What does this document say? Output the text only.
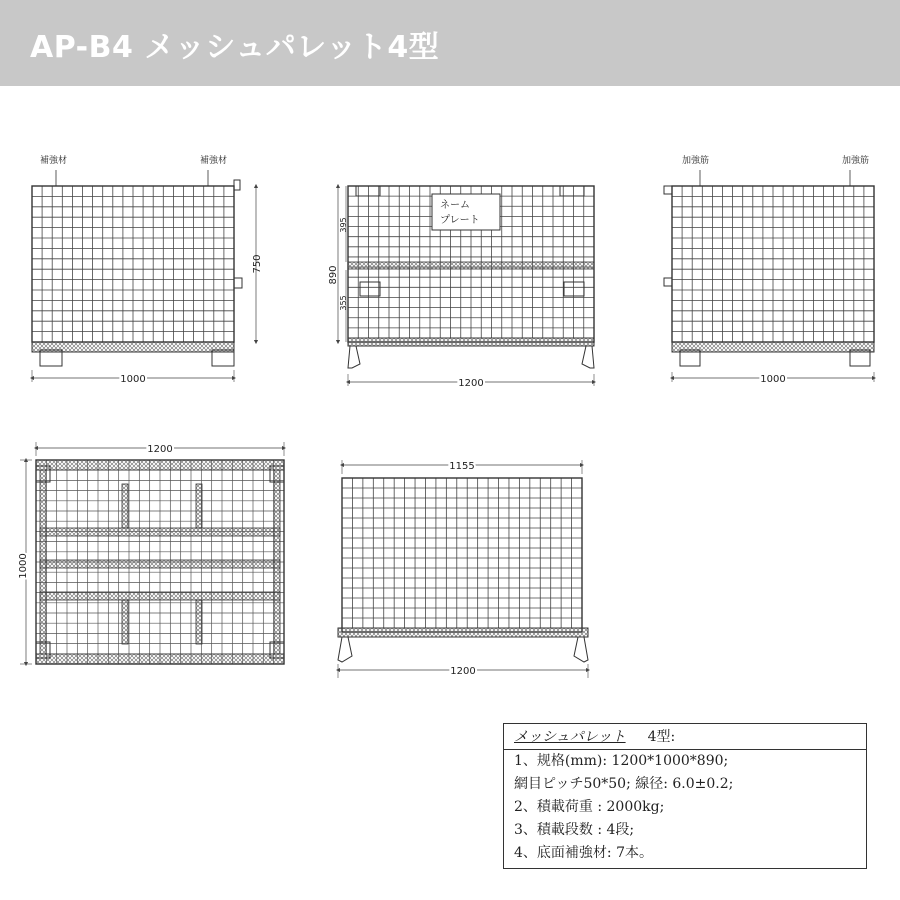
AP-B4 メッシュパレット4型
補強材	補強材
1000
750
ネーム
プレート
890
395
355
1200
加強筋	加強筋
1000
1200
1000
1155
1200
メッシュパレット 4型:
1、规格(mm): 1200*1000*890;
網目ピッチ50*50; 線径: 6.0±0.2;
2、積載荷重 : 2000kg;
3、積載段数 : 4段;
4、底面補強材: 7本。
